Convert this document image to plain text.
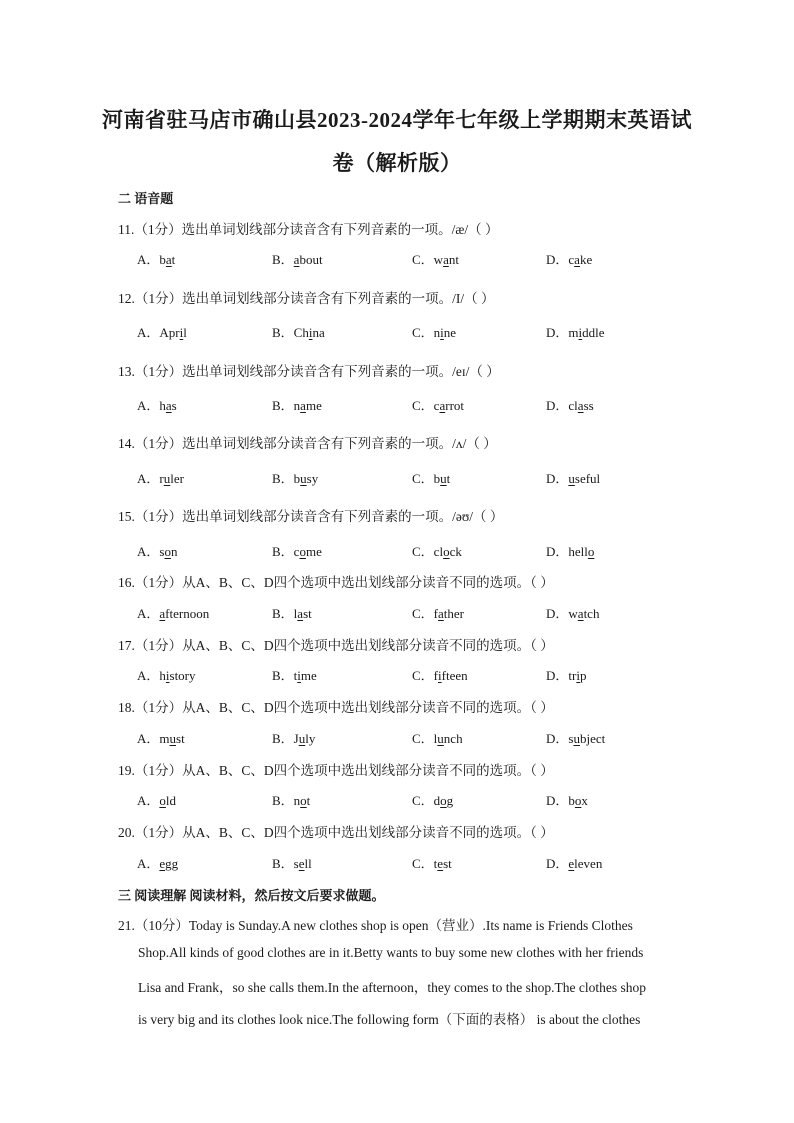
河南省驻马店市确山县2023-2024学年七年级上学期期末英语试
卷（解析版）
二 语音题
11.（1分）选出单词划线部分读音含有下列音素的一项。/æ/（ ）
A．bat	B．about	C．want	D．cake
12.（1分）选出单词划线部分读音含有下列音素的一项。/I/（ ）
A．April	B．China	C．nine	D．middle
13.（1分）选出单词划线部分读音含有下列音素的一项。/eɪ/（ ）
A．has	B．name	C．carrot	D．class
14.（1分）选出单词划线部分读音含有下列音素的一项。/ʌ/（ ）
A．ruler	B．busy	C．but	D．useful
15.（1分）选出单词划线部分读音含有下列音素的一项。/əʊ/（ ）
A．son	B．come	C．clock	D．hello
16.（1分）从A、B、C、D四个选项中选出划线部分读音不同的选项。（ ）
A．afternoon	B．last	C．father	D．watch
17.（1分）从A、B、C、D四个选项中选出划线部分读音不同的选项。（ ）
A．history	B．time	C．fifteen	D．trip
18.（1分）从A、B、C、D四个选项中选出划线部分读音不同的选项。（ ）
A．must	B．July	C．lunch	D．subject
19.（1分）从A、B、C、D四个选项中选出划线部分读音不同的选项。（ ）
A．old	B．not	C．dog	D．box
20.（1分）从A、B、C、D四个选项中选出划线部分读音不同的选项。（ ）
A．egg	B．sell	C．test	D．eleven
三 阅读理解 阅读材料，然后按文后要求做题。
21.（10分）Today is Sunday.A new clothes shop is open（营业）.Its name is Friends Clothes
Shop.All kinds of good clothes are in it.Betty wants to buy some new clothes with her friends
Lisa and Frank，so she calls them.In the afternoon，they comes to the shop.The clothes shop
is very big and its clothes look nice.The following form（下面的表格） is about the clothes
